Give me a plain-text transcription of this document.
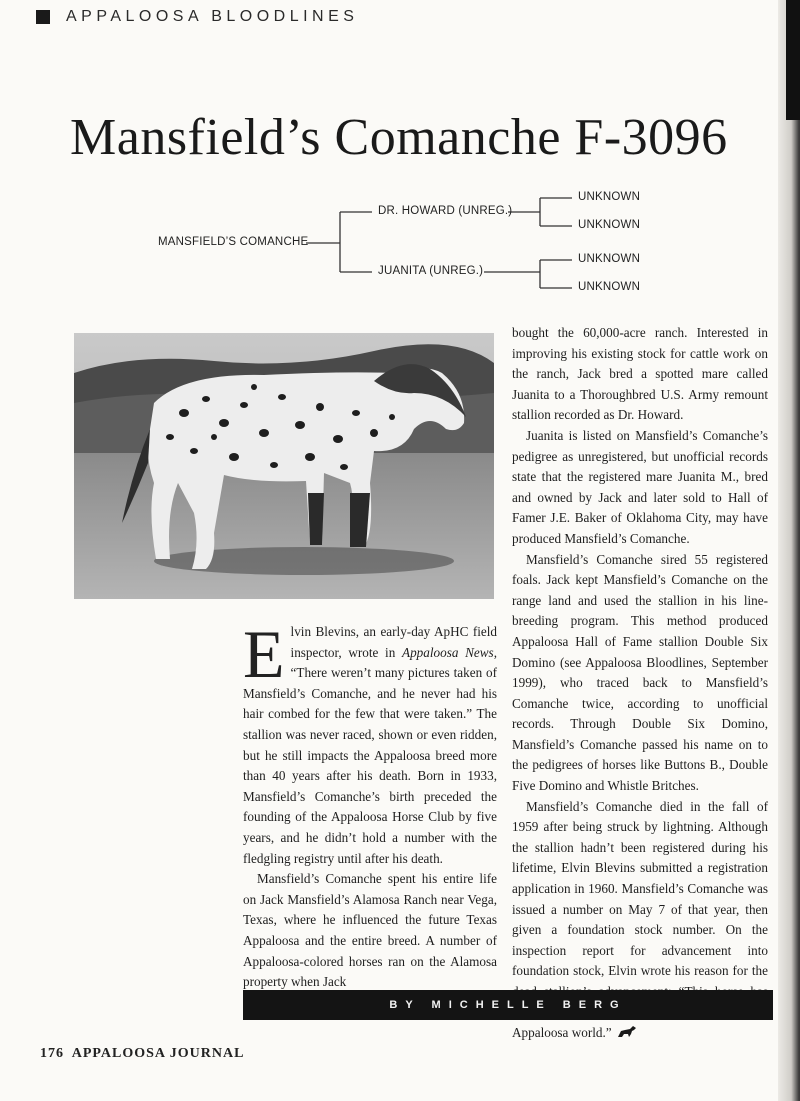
APPALOOSA BLOODLINES
Mansfield’s Comanche F-3096
MANSFIELD’S COMANCHE
DR. HOWARD (UNREG.)
JUANITA (UNREG.)
UNKNOWN
UNKNOWN
UNKNOWN
UNKNOWN

Elvin Blevins, an early-day ApHC field inspector, wrote in Appaloosa News, “There weren’t many pictures taken of Mansfield’s Comanche, and he never had his hair combed for the few that were taken.” The stallion was never raced, shown or even ridden, but he still impacts the Appaloosa breed more than 40 years after his death. Born in 1933, Mansfield’s Comanche’s birth preceded the founding of the Appaloosa Horse Club by five years, and he didn’t hold a number with the fledgling registry until after his death.

Mansfield’s Comanche spent his entire life on Jack Mansfield’s Alamosa Ranch near Vega, Texas, where he influenced the future Texas Appaloosa and the entire breed. A number of Appaloosa-colored horses ran on the Alamosa property when Jack

bought the 60,000-acre ranch. Interested in improving his existing stock for cattle work on the ranch, Jack bred a spotted mare called Juanita to a Thoroughbred U.S. Army remount stallion recorded as Dr. Howard.

Juanita is listed on Mansfield’s Comanche’s pedigree as unregistered, but unofficial records state that the registered mare Juanita M., bred and owned by Jack and later sold to Hall of Famer J.E. Baker of Oklahoma City, may have produced Mansfield’s Comanche.

Mansfield’s Comanche sired 55 registered foals. Jack kept Mansfield’s Comanche on the range land and used the stallion in his line-breeding program. This method produced Appaloosa Hall of Fame stallion Double Six Domino (see Appaloosa Bloodlines, September 1999), who traced back to Mansfield’s Comanche twice, according to unofficial records. Through Double Six Domino, Mansfield’s Comanche passed his name on to the pedigrees of horses like Buttons B., Double Five Domino and Whistle Britches.

Mansfield’s Comanche died in the fall of 1959 after being struck by lightning. Although the stallion hadn’t been registered during his lifetime, Elvin Blevins submitted a registration application in 1960. Mansfield’s Comanche was issued a number on May 7 of that year, then given a foundation stock number. On the inspection report for advancement into foundation stock, Elvin wrote his reason for the Appaloosa world.”

BY MICHELLE BERG
176 APPALOOSA JOURNAL
